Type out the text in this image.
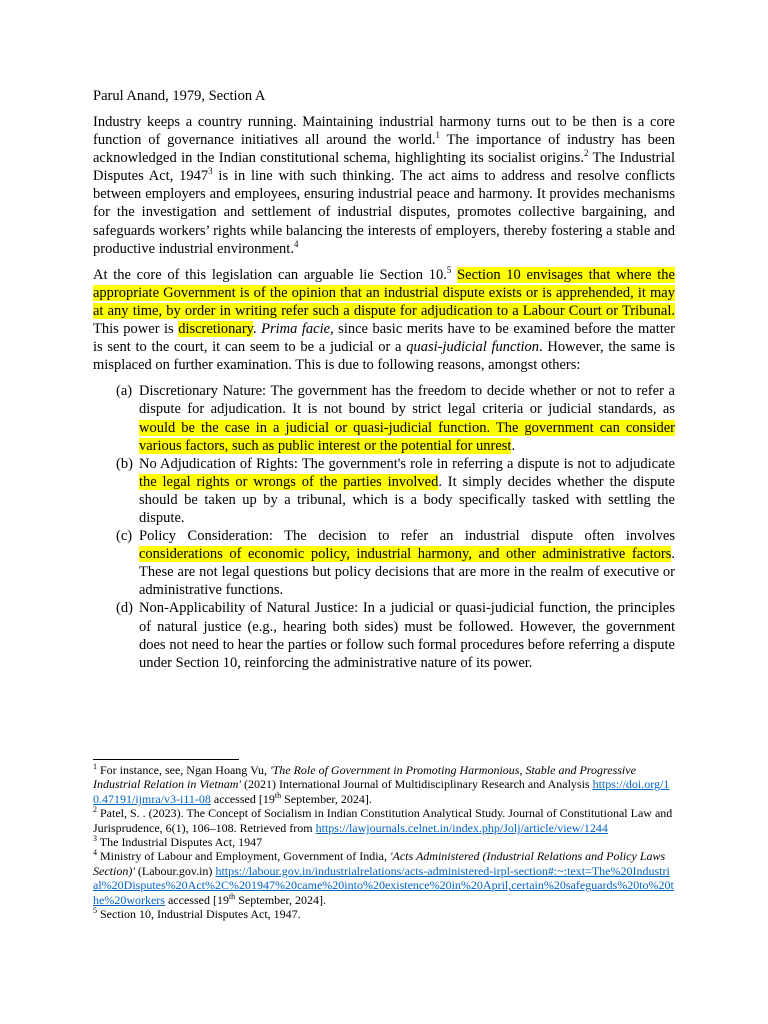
Parul Anand, 1979, Section A

Industry keeps a country running. Maintaining industrial harmony turns out to be then is a core function of governance initiatives all around the world.$^1$ The importance of industry has been acknowledged in the Indian constitutional schema, highlighting its socialist origins.$^2$ The Industrial Disputes Act, 1947$^3$ is in line with such thinking. The act aims to address and resolve conflicts between employers and employees, ensuring industrial peace and harmony. It provides mechanisms for the investigation and settlement of industrial disputes, promotes collective bargaining, and safeguards workers’ rights while balancing the interests of employers, thereby fostering a stable and productive industrial environment.$^4$

At the core of this legislation can arguable lie Section 10.$^5$ Section 10 envisages that where the appropriate Government is of the opinion that an industrial dispute exists or is apprehended, it may at any time, by order in writing refer such a dispute for adjudication to a Labour Court or Tribunal. This power is discretionary. Prima facie, since basic merits have to be examined before the matter is sent to the court, it can seem to be a judicial or a quasi-judicial function. However, the same is misplaced on further examination. This is due to following reasons, amongst others:

(a) Discretionary Nature: The government has the freedom to decide whether or not to refer a dispute for adjudication. It is not bound by strict legal criteria or judicial standards, as would be the case in a judicial or quasi-judicial function. The government can consider various factors, such as public interest or the potential for unrest.
(b) No Adjudication of Rights: The government's role in referring a dispute is not to adjudicate the legal rights or wrongs of the parties involved. It simply decides whether the dispute should be taken up by a tribunal, which is a body specifically tasked with settling the dispute.
(c) Policy Consideration: The decision to refer an industrial dispute often involves considerations of economic policy, industrial harmony, and other administrative factors. These are not legal questions but policy decisions that are more in the realm of executive or administrative functions.
(d) Non-Applicability of Natural Justice: In a judicial or quasi-judicial function, the principles of natural justice (e.g., hearing both sides) must be followed. However, the government does not need to hear the parties or follow such formal procedures before referring a dispute under Section 10, reinforcing the administrative nature of its power.

$^1$ For instance, see, Ngan Hoang Vu, 'The Role of Government in Promoting Harmonious, Stable and Progressive Industrial Relation in Vietnam' (2021) International Journal of Multidisciplinary Research and Analysis https://doi.org/10.47191/ijmra/v3-i11-08 accessed [19th September, 2024].

$^2$ Patel, S. . (2023). The Concept of Socialism in Indian Constitution Analytical Study. Journal of Constitutional Law and Jurisprudence, 6(1), 106–108. Retrieved from https://lawjournals.celnet.in/index.php/Jolj/article/view/1244

$^3$ The Industrial Disputes Act, 1947

$^4$ Ministry of Labour and Employment, Government of India, 'Acts Administered (Industrial Relations and Policy Laws Section)' (Labour.gov.in) https://labour.gov.in/industrialrelations/acts-administered-irpl-section#:~:text=The%20Industrial%20Disputes%20Act%2C%201947%20came%20into%20existence%20in%20April,certain%20safeguards%20to%20the%20workers accessed [19th September, 2024].

$^5$ Section 10, Industrial Disputes Act, 1947.
